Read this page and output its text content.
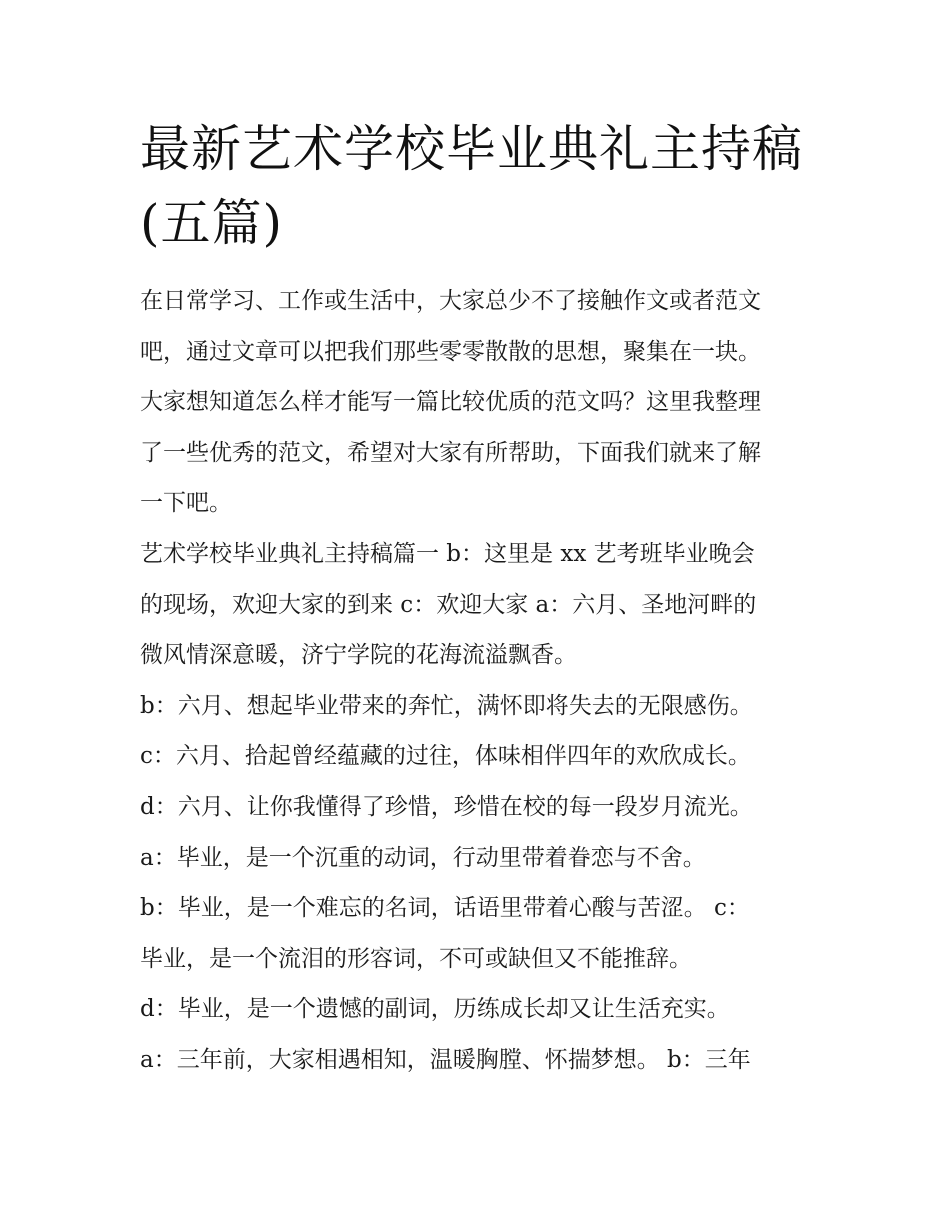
最新艺术学校毕业典礼主持稿
(五篇)
在日常学习、工作或生活中，大家总少不了接触作文或者范文
吧，通过文章可以把我们那些零零散散的思想，聚集在一块。
大家想知道怎么样才能写一篇比较优质的范文吗？这里我整理
了一些优秀的范文，希望对大家有所帮助，下面我们就来了解
一下吧。
艺术学校毕业典礼主持稿篇一 b：这里是 xx 艺考班毕业晚会
的现场，欢迎大家的到来 c：欢迎大家 a：六月、圣地河畔的
微风情深意暖，济宁学院的花海流溢飘香。
b：六月、想起毕业带来的奔忙，满怀即将失去的无限感伤。
c：六月、拾起曾经蕴藏的过往，体味相伴四年的欢欣成长。
d：六月、让你我懂得了珍惜，珍惜在校的每一段岁月流光。
a：毕业，是一个沉重的动词，行动里带着眷恋与不舍。
b：毕业，是一个难忘的名词，话语里带着心酸与苦涩。 c：
毕业，是一个流泪的形容词，不可或缺但又不能推辞。
d：毕业，是一个遗憾的副词，历练成长却又让生活充实。
a：三年前，大家相遇相知，温暖胸膛、怀揣梦想。 b：三年
